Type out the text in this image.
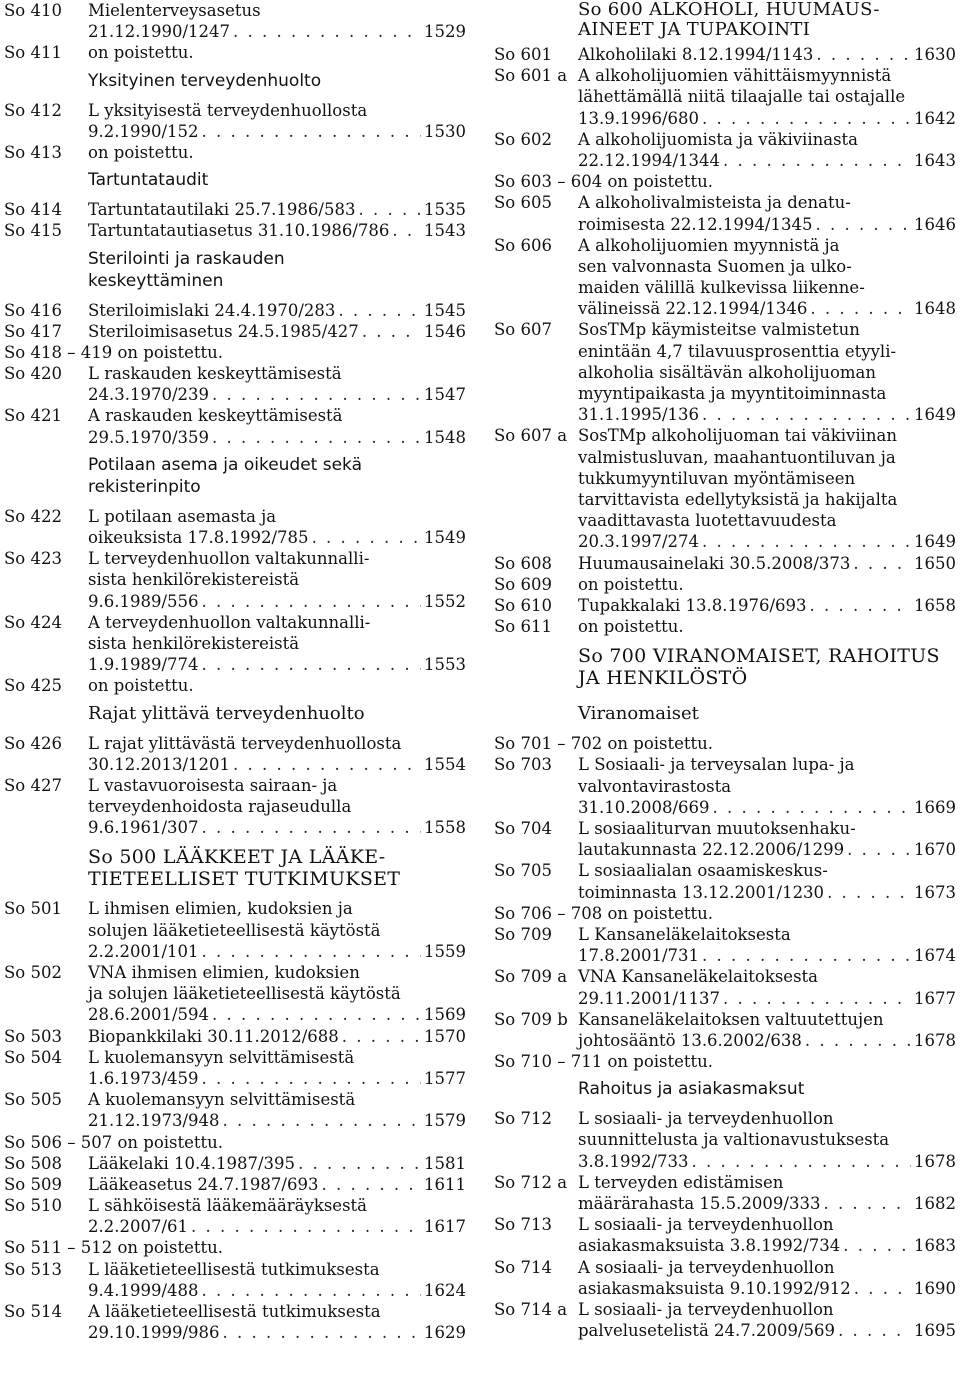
So 410 Mielenterveysasetus
21.12.1990/1247 . . .	1529
So 411 on poistettu.
Yksityinen terveydenhuolto
So 412 L yksityisestä terveydenhuollosta
9.2.1990/152 . . .	1530
So 413 on poistettu.
Tartuntataudit
So 414 Tartuntatautilaki 25.7.1986/583 . . .	1535
So 415 Tartuntatautiasetus 31.10.1986/786 . . . 1543
Sterilointi ja raskauden
keskeyttäminen
So 416 Steriloimislaki 24.4.1970/283 . . .	1545
So 417 Steriloimisasetus 24.5.1985/427 . . .	1546
So 418 – 419 on poistettu.
So 420 L raskauden keskeyttämisestä
24.3.1970/239 . . .	1547
So 421 A raskauden keskeyttämisestä
29.5.1970/359 . . .	1548
Potilaan asema ja oikeudet sekä
rekisterinpito
So 422 L potilaan asemasta ja
oikeuksista 17.8.1992/785 . . .	1549
So 423 L terveydenhuollon valtakunnalli-
sista henkilörekistereistä
9.6.1989/556 . . .	1552
So 424 A terveydenhuollon valtakunnalli-
sista henkilörekistereistä
1.9.1989/774 . . .	1553
So 425 on poistettu.
Rajat ylittävä terveydenhuolto
So 426 L rajat ylittävästä terveydenhuollosta
30.12.2013/1201 . . .	1554
So 427 L vastavuoroisesta sairaan- ja
terveydenhoidosta rajaseudulla
9.6.1961/307 . . .	1558
So 500 LÄÄKKEET JA LÄÄKE-
TIETEELLISET TUTKIMUKSET
So 501 L ihmisen elimien, kudoksien ja
solujen lääketieteellisestä käytöstä
2.2.2001/101 . . .	1559
So 502 VNA ihmisen elimien, kudoksien
ja solujen lääketieteellisestä käytöstä
28.6.2001/594 . . .	1569
So 503 Biopankkilaki 30.11.2012/688 . . .	1570
So 504 L kuolemansyyn selvittämisestä
1.6.1973/459 . . .	1577
So 505 A kuolemansyyn selvittämisestä
21.12.1973/948 . . .	1579
So 506 – 507 on poistettu.
So 508 Lääkelaki 10.4.1987/395 . . .	1581
So 509 Lääkeasetus 24.7.1987/693 . . .	1611
So 510 L sähköisestä lääkemääräyksestä
2.2.2007/61 . . .	1617
So 511 – 512 on poistettu.
So 513 L lääketieteellisestä tutkimuksesta
9.4.1999/488 . . .	1624
So 514 A lääketieteellisestä tutkimuksesta
29.10.1999/986 . . .	1629
So 600 ALKOHOLI, HUUMAUS-
AINEET JA TUPAKOINTI
So 601 Alkoholilaki 8.12.1994/1143 . . .	1630
So 601 a A alkoholijuomien vähittäismyynnistä
lähettämällä niitä tilaajalle tai ostajalle
13.9.1996/680 . . .	1642
So 602 A alkoholijuomista ja väkiviinasta
22.12.1994/1344 . . .	1643
So 603 – 604 on poistettu.
So 605 A alkoholivalmisteista ja denatu-
roimisesta 22.12.1994/1345 . . .	1646
So 606 A alkoholijuomien myynnistä ja
sen valvonnasta Suomen ja ulko-
maiden välillä kulkevissa liikenne-
välineissä 22.12.1994/1346 . . .	1648
So 607 SosTMp käymisteitse valmistetun
enintään 4,7 tilavuusprosenttia etyyli-
alkoholia sisältävän alkoholijuoman
myyntipaikasta ja myyntitoiminnasta
31.1.1995/136 . . .	1649
So 607 a SosTMp alkoholijuoman tai väkiviinan
valmistusluvan, maahantuontiluvan ja
tukkumyyntiluvan myöntämiseen
tarvittavista edellytyksistä ja hakijalta
vaadittavasta luotettavuudesta
20.3.1997/274 . . .	1649
So 608 Huumausainelaki 30.5.2008/373 . . .	1650
So 609 on poistettu.
So 610 Tupakkalaki 13.8.1976/693 . . .	1658
So 611 on poistettu.
So 700 VIRANOMAISET, RAHOITUS
JA HENKILÖSTÖ
Viranomaiset
So 701 – 702 on poistettu.
So 703 L Sosiaali- ja terveysalan lupa- ja
valvontavirastosta
31.10.2008/669 . . .	1669
So 704 L sosiaaliturvan muutoksenhaku-
lautakunnasta 22.12.2006/1299 . . .	1670
So 705 L sosiaalialan osaamiskeskus-
toiminnasta 13.12.2001/1230 . . .	1673
So 706 – 708 on poistettu.
So 709 L Kansaneläkelaitoksesta
17.8.2001/731 . . .	1674
So 709 a VNA Kansaneläkelaitoksesta
29.11.2001/1137 . . .	1677
So 709 b Kansaneläkelaitoksen valtuutettujen
johtosääntö 13.6.2002/638 . . .	1678
So 710 – 711 on poistettu.
Rahoitus ja asiakasmaksut
So 712 L sosiaali- ja terveydenhuollon
suunnittelusta ja valtionavustuksesta
3.8.1992/733 . . .	1678
So 712 a L terveyden edistämisen
määrärahasta 15.5.2009/333 . . .	1682
So 713 L sosiaali- ja terveydenhuollon
asiakasmaksuista 3.8.1992/734 . . .	1683
So 714 A sosiaali- ja terveydenhuollon
asiakasmaksuista 9.10.1992/912 . . .	1690
So 714 a L sosiaali- ja terveydenhuollon
palvelusetelistä 24.7.2009/569 . . .	1695
